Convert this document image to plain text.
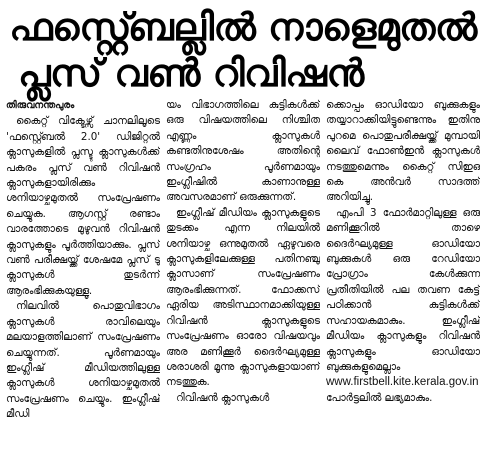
ഫസ്റ്റ്ബെല്ലിൽ നാളെമുതൽ
പ്ലസ് വൺ റിവിഷൻ

തിരുവനന്തപുരം

കൈറ്റ് വിക്ടേഴ്സ് ചാനലിലൂടെ 'ഫസ്റ്റ്ബെൽ 2.0' ഡിജിറ്റൽ ക്ലാസുകളിൽ പ്ലസ്ടു ക്ലാസുകൾക്ക് പകരം പ്ലസ് വൺ റിവിഷൻ ക്ലാസുകളായിരിക്കും ശനിയാഴ്ചമുതൽ സംപ്രേഷണം ചെയ്യുക. ആഗസ്റ്റ് രണ്ടാം വാരത്തോടെ മുഴുവൻ റിവിഷൻ ക്ലാസുകളും പൂർത്തിയാക്കും. പ്ലസ് വൺ പരീക്ഷയ്ക്ക് ശേഷമേ പ്ലസ് ടു ക്ലാസുകൾ തുടർന്ന് ആരംഭിക്കുകയുള്ളൂ.

നിലവിൽ പൊതുവിഭാഗം ക്ലാസുകൾ രാവിലെയും മലയാളത്തിലാണ് സംപ്രേഷണം ചെയ്യുന്നത്. പൂർണമായും ഇംഗ്ലീഷ് മീഡിയത്തിലുള്ള ക്ലാസുകൾ ശനിയാഴ്ചമുതൽ സംപ്രേഷണം ചെയ്യും. ഇംഗ്ലീഷ് മീഡി

യം വിഭാഗത്തിലെ കുട്ടികൾക്ക് ഒരു വിഷയത്തിലെ നിശ്ചിത എണ്ണം ക്ലാസുകൾ കണ്ടതിനുശേഷം അതിന്റെ സംഗ്രഹം പൂർണമായും ഇംഗ്ലീഷിൽ കാണാനുള്ള അവസരമാണ് ഒരുക്കുന്നത്.

ഇംഗ്ലീഷ് മീഡിയം ക്ലാസുകളുടെ തുടക്കം എന്ന നിലയിൽ ശനിയാഴ്ച ഒന്നുമുതൽ ഏഴുവരെ ക്ലാസുകളിലേക്കുള്ള പതിനഞ്ചു ക്ലാസാണ് സംപ്രേഷണം ആരംഭിക്കുന്നത്. ഫോക്കസ് ഏരിയ അടിസ്ഥാനമാക്കിയുള്ള റിവിഷൻ ക്ലാസുകളുടെ സംപ്രേഷണം ഓരോ വിഷയവും അര മണിക്കൂർ ദൈർഘ്യമുള്ള ശരാശരി മൂന്നു ക്ലാസുകളായാണ് നടത്തുക.

റിവിഷൻ ക്ലാസുകൾ

ക്കൊപ്പം ഓഡിയോ ബുക്കുകളും തയ്യാറാക്കിയിട്ടുണ്ടെന്നും ഇതിനു പുറമെ പൊതുപരീക്ഷയ്ക്ക് മുമ്പായി ലൈവ് ഫോൺഇൻ ക്ലാസുകൾ നടത്തുമെന്നും കൈറ്റ് സിഇഒ കെ അൻവർ സാദത്ത് അറിയിച്ചു.

എംപി 3 ഫോർമാറ്റിലുള്ള ഒരു മണിക്കൂറിൽ താഴെ ദൈർഘ്യമുള്ള ഓഡിയോ ബുക്കുകൾ ഒരു റേഡിയോ പ്രോഗ്രാം കേൾക്കുന്ന പ്രതീതിയിൽ പല തവണ കേട്ട് പഠിക്കാൻ കുട്ടികൾക്ക് സഹായകമാകും. ഇംഗ്ലീഷ് മീഡിയം ക്ലാസുകളും റിവിഷൻ ക്ലാസുകളും ഓഡിയോ ബുക്കുകളുമെല്ലാം

www.firstbell.kite.kerala.gov.in പോർട്ടലിൽ ലഭ്യമാകും.
